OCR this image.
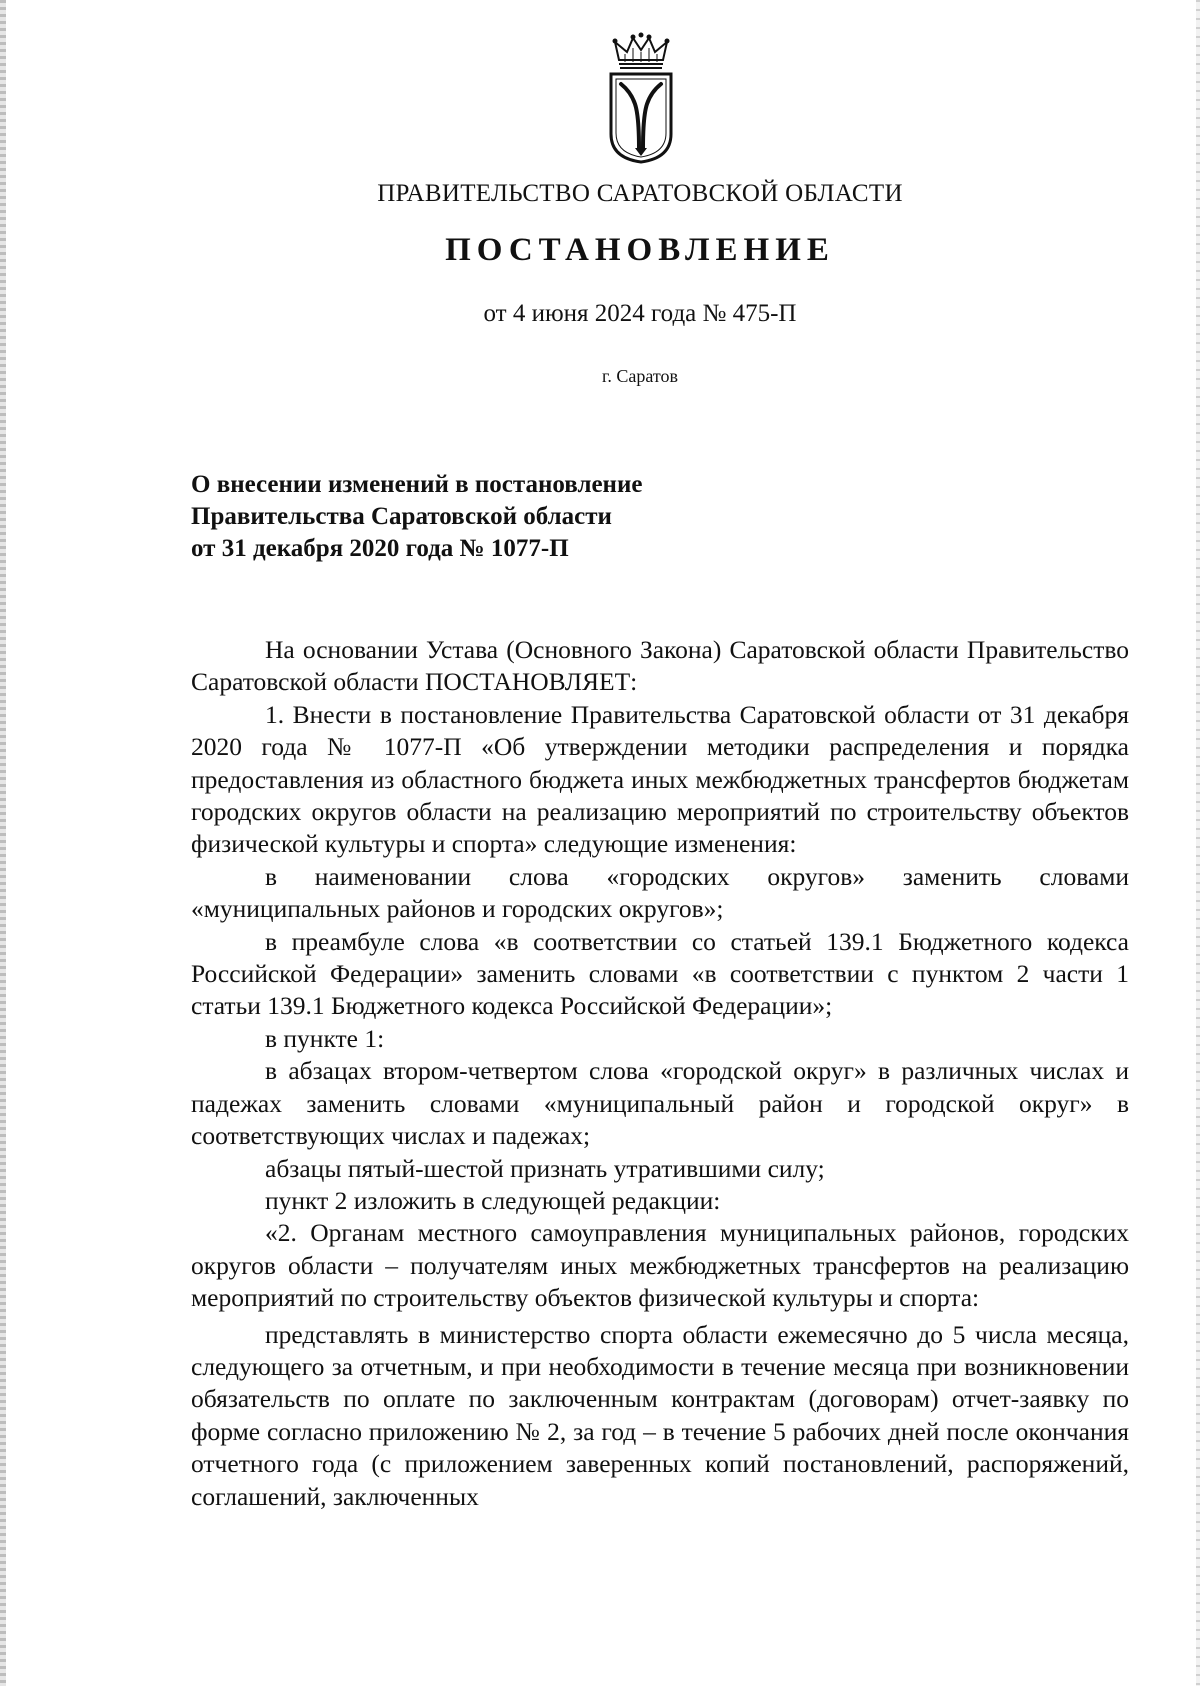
ПРАВИТЕЛЬСТВО САРАТОВСКОЙ ОБЛАСТИ
ПОСТАНОВЛЕНИЕ
от 4 июня 2024 года № 475-П
г. Саратов
О внесении изменений в постановление
Правительства Саратовской области
от 31 декабря 2020 года № 1077-П

На основании Устава (Основного Закона) Саратовской области Правительство Саратовской области ПОСТАНОВЛЯЕТ:

1. Внести в постановление Правительства Саратовской области от 31 декабря 2020 года № 1077-П «Об утверждении методики распределения и порядка предоставления из областного бюджета иных межбюджетных трансфертов бюджетам городских округов области на реализацию мероприятий по строительству объектов физической культуры и спорта» следующие изменения:

в наименовании слова «городских округов» заменить словами «муниципальных районов и городских округов»;

в преамбуле слова «в соответствии со статьей 139.1 Бюджетного кодекса Российской Федерации» заменить словами «в соответствии с пунктом 2 части 1 статьи 139.1 Бюджетного кодекса Российской Федерации»;

в пункте 1:

в абзацах втором-четвертом слова «городской округ» в различных числах и падежах заменить словами «муниципальный район и городской округ» в соответствующих числах и падежах;

абзацы пятый-шестой признать утратившими силу;

пункт 2 изложить в следующей редакции:

«2. Органам местного самоуправления муниципальных районов, городских округов области – получателям иных межбюджетных трансфертов на реализацию мероприятий по строительству объектов физической культуры и спорта:

представлять в министерство спорта области ежемесячно до 5 числа месяца, следующего за отчетным, и при необходимости в течение месяца при возникновении обязательств по оплате по заключенным контрактам (договорам) отчет-заявку по форме согласно приложению № 2, за год – в течение 5 рабочих дней после окончания отчетного года (с приложением заверенных копий постановлений, распоряжений, соглашений, заключенных
